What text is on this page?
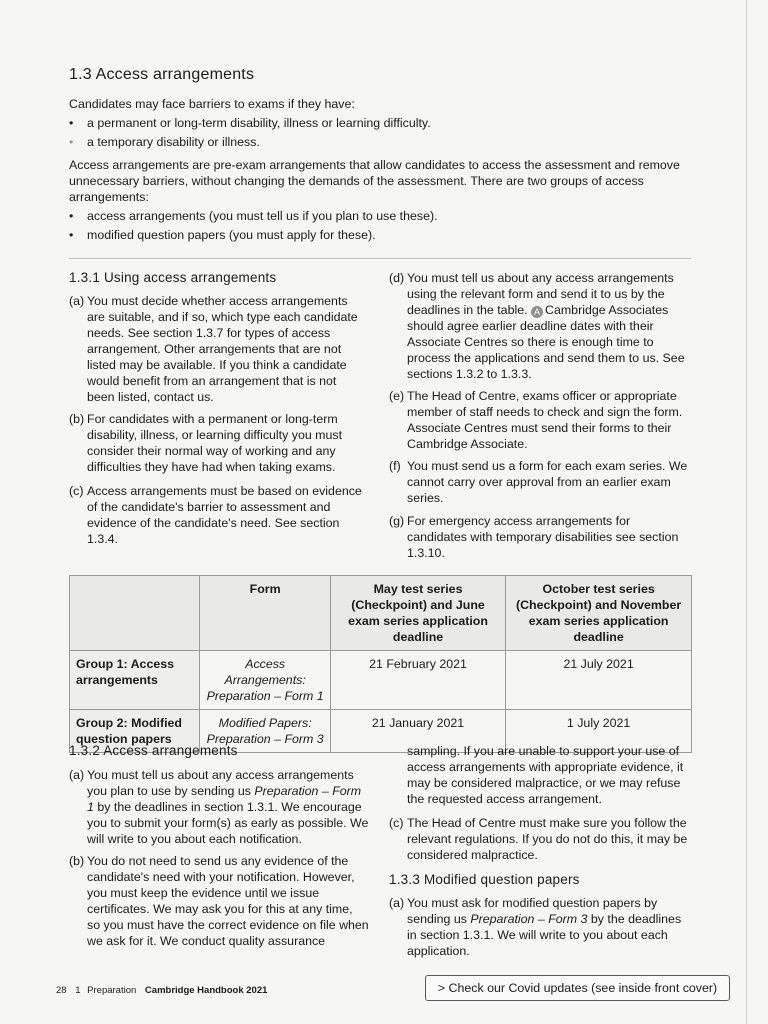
1.3 Access arrangements

Candidates may face barriers to exams if they have:

• a permanent or long-term disability, illness or learning difficulty.
• a temporary disability or illness.

Access arrangements are pre-exam arrangements that allow candidates to access the assessment and remove unnecessary barriers, without changing the demands of the assessment. There are two groups of access arrangements:

• access arrangements (you must tell us if you plan to use these).
• modified question papers (you must apply for these).
1.3.1 Using access arrangements
(a) You must decide whether access arrangements are suitable, and if so, which type each candidate needs. See section 1.3.7 for types of access arrangement. Other arrangements that are not listed may be available. If you think a candidate would benefit from an arrangement that is not been listed, contact us.
(b) For candidates with a permanent or long-term disability, illness, or learning difficulty you must consider their normal way of working and any difficulties they have had when taking exams.
(c) Access arrangements must be based on evidence of the candidate's barrier to assessment and evidence of the candidate's need. See section 1.3.4.
(d) You must tell us about any access arrangements using the relevant form and send it to us by the deadlines in the table. A Cambridge Associates should agree earlier deadline dates with their Associate Centres so there is enough time to process the applications and send them to us. See sections 1.3.2 to 1.3.3.
(e) The Head of Centre, exams officer or appropriate member of staff needs to check and sign the form. Associate Centres must send their forms to their Cambridge Associate.
(f) You must send us a form for each exam series. We cannot carry over approval from an earlier exam series.
(g) For emergency access arrangements for candidates with temporary disabilities see section 1.3.10.
	Form	May test series (Checkpoint) and June exam series application deadline	October test series (Checkpoint) and November exam series application deadline
Group 1: Access arrangements	Access Arrangements: Preparation – Form 1	21 February 2021	21 July 2021
Group 2: Modified question papers	Modified Papers: Preparation – Form 3	21 January 2021	1 July 2021
1.3.2 Access arrangements
(a) You must tell us about any access arrangements you plan to use by sending us Preparation – Form 1 by the deadlines in section 1.3.1. We encourage you to submit your form(s) as early as possible. We will write to you about each notification.
(b) You do not need to send us any evidence of the candidate's need with your notification. However, you must keep the evidence until we issue certificates. We may ask you for this at any time, so you must have the correct evidence on file when we ask for it. We conduct quality assurance
sampling. If you are unable to support your use of access arrangements with appropriate evidence, it may be considered malpractice, or we may refuse the requested access arrangement.
(c) The Head of Centre must make sure you follow the relevant regulations. If you do not do this, it may be considered malpractice.
1.3.3 Modified question papers
(a) You must ask for modified question papers by sending us Preparation – Form 3 by the deadlines in section 1.3.1. We will write to you about each application.
28 1 Preparation Cambridge Handbook 2021	> Check our Covid updates (see inside front cover)
